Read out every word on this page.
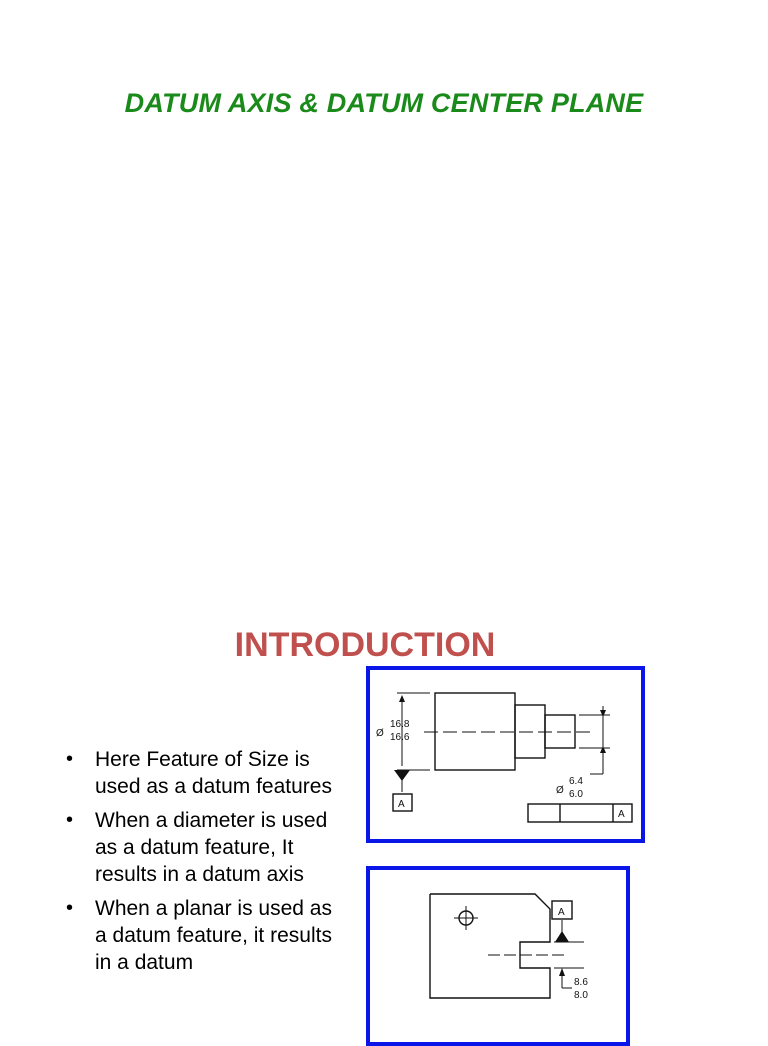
DATUM AXIS & DATUM CENTER PLANE
INTRODUCTION
• Here Feature of Size is used as a datum features
• When a diameter is used as a datum feature, It results in a datum axis
• When a planar is used as a datum feature, it results in a datum
Ø
16.8
16.6
Ø
6.4
6.0
A
A
A
8.6
8.0
